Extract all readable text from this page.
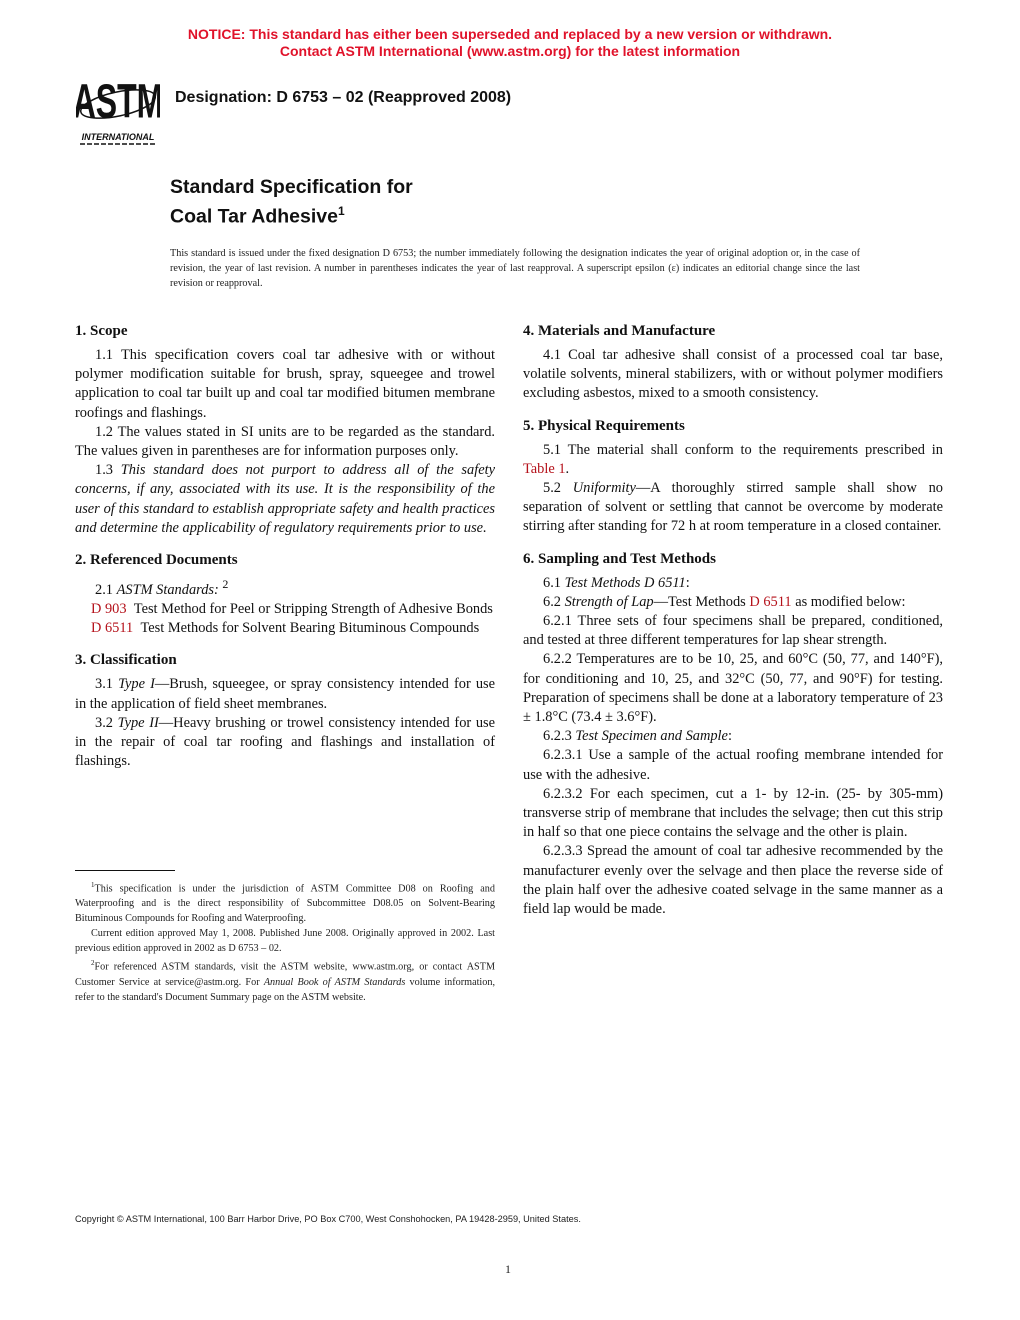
NOTICE: This standard has either been superseded and replaced by a new version or withdrawn.
Contact ASTM International (www.astm.org) for the latest information
ASTM
INTERNATIONAL
Designation: D 6753 – 02 (Reapproved 2008)
Standard Specification for
Coal Tar Adhesive$^1$
This standard is issued under the fixed designation D 6753; the number immediately following the designation indicates the year of original adoption or, in the case of revision, the year of last revision. A number in parentheses indicates the year of last reapproval. A superscript epsilon (ε) indicates an editorial change since the last revision or reapproval.
1. Scope

1.1 This specification covers coal tar adhesive with or without polymer modification suitable for brush, spray, squeegee and trowel application to coal tar built up and coal tar modified bitumen membrane roofings and flashings.

1.2 The values stated in SI units are to be regarded as the standard. The values given in parentheses are for information purposes only.

1.3 This standard does not purport to address all of the safety concerns, if any, associated with its use. It is the responsibility of the user of this standard to establish appropriate safety and health practices and determine the applicability of regulatory requirements prior to use.

2. Referenced Documents

2.1 ASTM Standards: $^2$

D 903 Test Method for Peel or Stripping Strength of Adhesive Bonds

D 6511 Test Methods for Solvent Bearing Bituminous Compounds

3. Classification

3.1 Type I—Brush, squeegee, or spray consistency intended for use in the application of field sheet membranes.

3.2 Type II—Heavy brushing or trowel consistency intended for use in the repair of coal tar roofing and flashings and installation of flashings.

$^1$This specification is under the jurisdiction of ASTM Committee D08 on Roofing and Waterproofing and is the direct responsibility of Subcommittee D08.05 on Solvent-Bearing Bituminous Compounds for Roofing and Waterproofing.

Current edition approved May 1, 2008. Published June 2008. Originally approved in 2002. Last previous edition approved in 2002 as D 6753 – 02.

$^2$For referenced ASTM standards, visit the ASTM website, www.astm.org, or contact ASTM Customer Service at service@astm.org. For Annual Book of ASTM Standards volume information, refer to the standard's Document Summary page on the ASTM website.

4. Materials and Manufacture

4.1 Coal tar adhesive shall consist of a processed coal tar base, volatile solvents, mineral stabilizers, with or without polymer modifiers excluding asbestos, mixed to a smooth consistency.

5. Physical Requirements

5.1 The material shall conform to the requirements prescribed in Table 1.

5.2 Uniformity—A thoroughly stirred sample shall show no separation of solvent or settling that cannot be overcome by moderate stirring after standing for 72 h at room temperature in a closed container.

6. Sampling and Test Methods

6.1 Test Methods D 6511:

6.2 Strength of Lap—Test Methods D 6511 as modified below:

6.2.1 Three sets of four specimens shall be prepared, conditioned, and tested at three different temperatures for lap shear strength.

6.2.2 Temperatures are to be 10, 25, and 60°C (50, 77, and 140°F), for conditioning and 10, 25, and 32°C (50, 77, and 90°F) for testing. Preparation of specimens shall be done at a laboratory temperature of 23 ± 1.8°C (73.4 ± 3.6°F).

6.2.3 Test Specimen and Sample:

6.2.3.1 Use a sample of the actual roofing membrane intended for use with the adhesive.

6.2.3.2 For each specimen, cut a 1- by 12-in. (25- by 305-mm) transverse strip of membrane that includes the selvage; then cut this strip in half so that one piece contains the selvage and the other is plain.

6.2.3.3 Spread the amount of coal tar adhesive recommended by the manufacturer evenly over the selvage and then place the reverse side of the plain half over the adhesive coated selvage in the same manner as a field lap would be made.

Copyright © ASTM International, 100 Barr Harbor Drive, PO Box C700, West Conshohocken, PA 19428-2959, United States.
1
